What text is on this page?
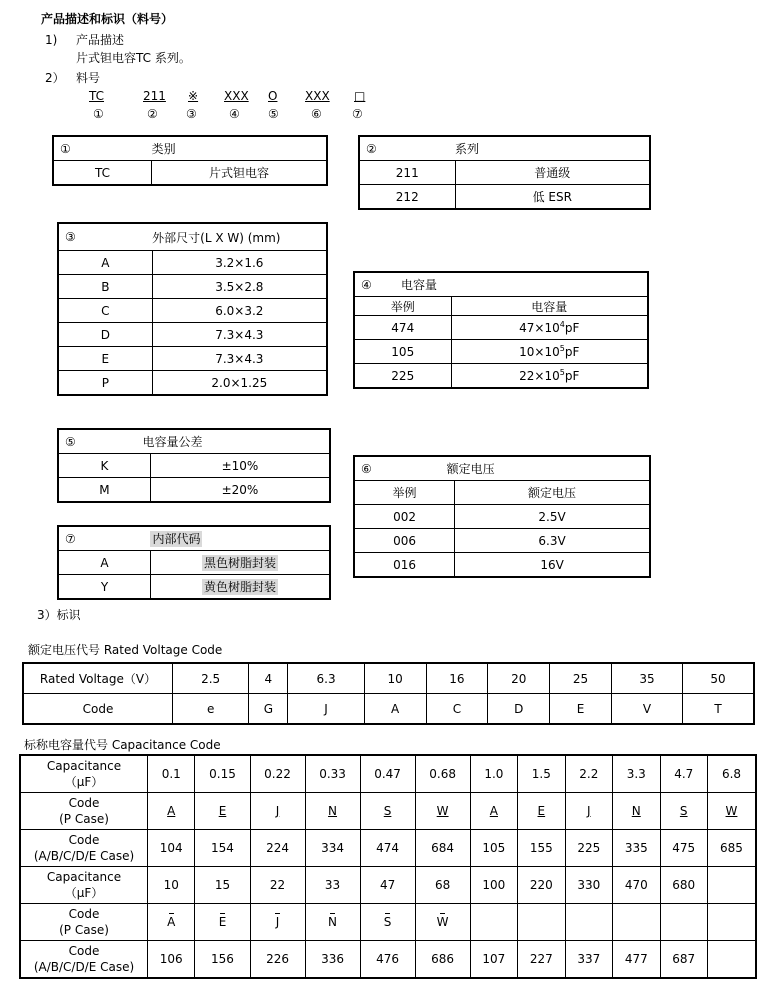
产品描述和标识（料号）
1) 产品描述
片式钽电容TC 系列。
2） 料号
TC	211 ※ XXX O XXX □
①	② ③	④ ⑤	⑥	⑦
①	类别
TC	片式钽电容
②	系列
211	普通级
212	低 ESR
③	外部尺寸(L X W) (mm)
A	3.2×1.6
B	3.5×2.8
C	6.0×3.2
D	7.3×4.3
E	7.3×4.3
P	2.0×1.25
④	电容量
举例	电容量
474	$47\times 10^4pF$
105	$10\times 10^5pF$
225	$22\times 10^5pF$
⑤	电容量公差
K	±10%
M	±20%
⑥	额定电压
举例	额定电压
002	2.5V
006	6.3V
016	16V
⑦	内部代码
A	黑色树脂封装
Y	黄色树脂封装
3）标识
额定电压代号 Rated Voltage Code
Rated Voltage（V）	2.5	4	6.3	10	16	20	25	35	50
Code	e	G	J	A	C	D	E	V	T
标称电容量代号 Capacitance Code
Capacitance
（μF）	0.1	0.15	0.22	0.33	0.47	0.68	1.0	1.5	2.2	3.3	4.7	6.8

Code
(P Case)	A	E	J	N	S	W	A	E	J	N	S	W

Code
(A/B/C/D/E Case)	104	154	224	334	474	684	105	155	225	335	475	685

Capacitance
（μF）	10	15	22	33	47	68	100	220	330	470	680	

Code
(P Case)	A	E	J	N	S	W						

Code
(A/B/C/D/E Case)	106	156	226	336	476	686	107	227	337	477	687	
